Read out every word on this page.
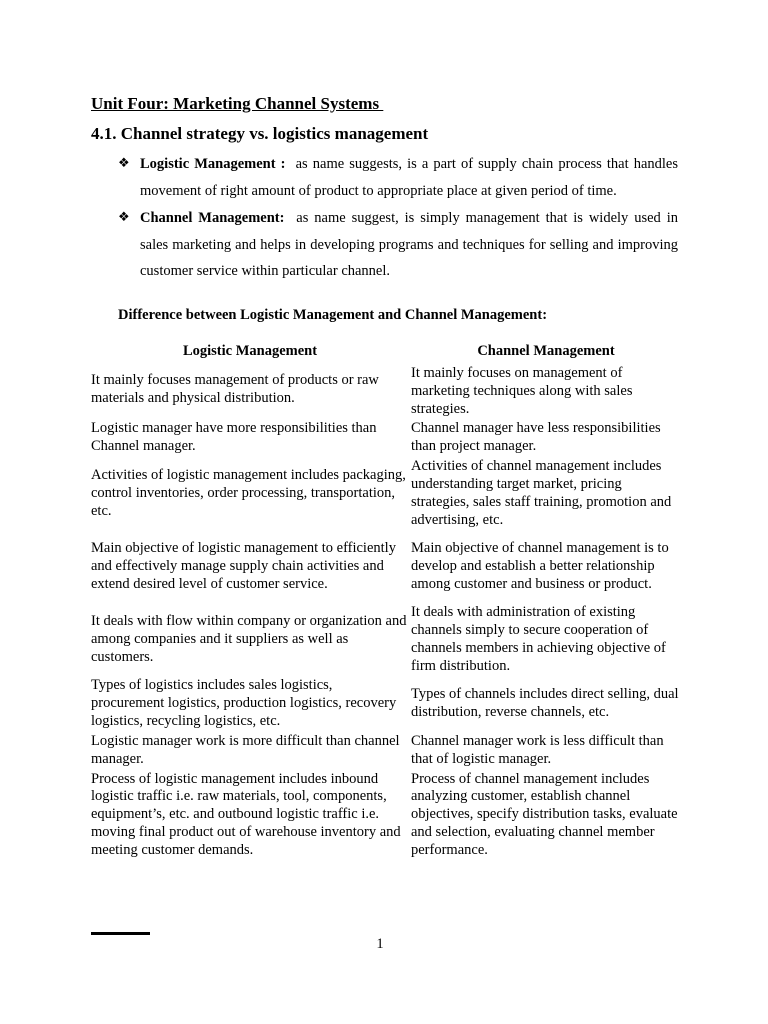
Unit Four: Marketing Channel Systems
4.1. Channel strategy vs. logistics management
❖ Logistic Management :  as name suggests, is a part of supply chain process that handles movement of right amount of product to appropriate place at given period of time.
❖ Channel Management:  as name suggest, is simply management that is widely used in sales marketing and helps in developing programs and techniques for selling and improving customer service within particular channel.
Difference between Logistic Management and Channel Management:
Logistic Management	Channel Management
It mainly focuses management of products or raw materials and physical distribution.
It mainly focuses on management of marketing techniques along with sales strategies.
Logistic manager have more responsibilities than Channel manager.
Channel manager have less responsibilities than project manager.
Activities of logistic management includes packaging, control inventories, order processing, transportation, etc.
Activities of channel management includes understanding target market, pricing strategies, sales staff training, promotion and advertising, etc.
Main objective of logistic management to efficiently and effectively manage supply chain activities and extend desired level of customer service.
Main objective of channel management is to develop and establish a better relationship among customer and business or product.
It deals with flow within company or organization and among companies and it suppliers as well as customers.
It deals with administration of existing channels simply to secure cooperation of channels members in achieving objective of firm distribution.
Types of logistics includes sales logistics, procurement logistics, production logistics, recovery logistics, recycling logistics, etc.
Types of channels includes direct selling, dual distribution, reverse channels, etc.
Logistic manager work is more difficult than channel manager.
Channel manager work is less difficult than that of logistic manager.
Process of logistic management includes inbound logistic traffic i.e. raw materials, tool, components, equipment’s, etc. and outbound logistic traffic i.e. moving final product out of warehouse inventory and meeting customer demands.
Process of channel management includes analyzing customer, establish channel objectives, specify distribution tasks, evaluate and selection, evaluating channel member performance.
1
